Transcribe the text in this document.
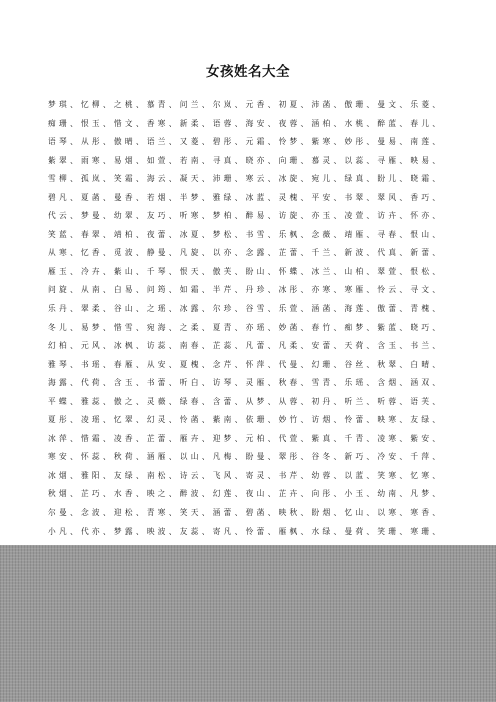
女孩姓名大全
梦琪、忆柳、之桃、慕青、问兰、尔岚、元香、初夏、沛菡、傲珊、曼文、乐菱、
痴珊、恨玉、惜文、香寒、新柔、语蓉、海安、夜蓉、涵柏、水桃、醉蓝、春儿、
语琴、从彤、傲晴、语兰、又菱、碧彤、元霜、怜梦、紫寒、妙彤、曼易、南莲、
紫翠、雨寒、易烟、如萱、若南、寻真、晓亦、向珊、慕灵、以蕊、寻雁、映易、
雪柳、孤岚、笑霜、海云、凝天、沛珊、寒云、冰旋、宛儿、绿真、盼儿、晓霜、
碧凡、夏菡、曼香、若烟、半梦、雅绿、冰蓝、灵槐、平安、书翠、翠风、香巧、
代云、梦曼、幼翠、友巧、听寒、梦柏、醉易、访旋、亦玉、凌萱、访卉、怀亦、
笑蓝、春翠、靖柏、夜蕾、冰夏、梦松、书雪、乐枫、念薇、靖雁、寻春、恨山、
从寒、忆香、觅波、静曼、凡旋、以亦、念露、芷蕾、千兰、新波、代真、新蕾、
雁玉、冷卉、紫山、千琴、恨天、傲芙、盼山、怀蝶、冰兰、山柏、翠萱、恨松、
问旋、从南、白易、问筠、如霜、半芹、丹珍、冰彤、亦寒、寒雁、怜云、寻文、
乐丹、翠柔、谷山、之瑶、冰露、尔珍、谷雪、乐萱、涵菡、海莲、傲蕾、青槐、
冬儿、易梦、惜雪、宛海、之柔、夏青、亦瑶、妙菡、春竹、痴梦、紫蓝、晓巧、
幻柏、元风、冰枫、访蕊、南春、芷蕊、凡蕾、凡柔、安蕾、天荷、含玉、书兰、
雅琴、书瑶、春雁、从安、夏槐、念芹、怀萍、代曼、幻珊、谷丝、秋翠、白晴、
海露、代荷、含玉、书蕾、听白、访琴、灵雁、秋春、雪青、乐瑶、含烟、涵双、
平蝶、雅蕊、傲之、灵薇、绿春、含蕾、从梦、从蓉、初丹、听兰、听蓉、语芙、
夏彤、凌瑶、忆翠、幻灵、怜菡、紫南、依珊、妙竹、访烟、怜蕾、映寒、友绿、
冰萍、惜霜、凌香、芷蕾、雁卉、迎梦、元柏、代萱、紫真、千青、凌寒、紫安、
寒安、怀蕊、秋荷、涵雁、以山、凡梅、盼曼、翠彤、谷冬、新巧、冷安、千萍、
冰烟、雅阳、友绿、南松、诗云、飞风、寄灵、书芹、幼蓉、以蓝、笑寒、忆寒、
秋烟、芷巧、水香、映之、醉波、幻莲、夜山、芷卉、向彤、小玉、幼南、凡梦、
尔曼、念波、迎松、青寒、笑天、涵蕾、碧菡、映秋、盼烟、忆山、以寒、寒香、
小凡、代亦、梦露、映波、友蕊、寄凡、怜蕾、雁枫、水绿、曼荷、笑珊、寒珊、
